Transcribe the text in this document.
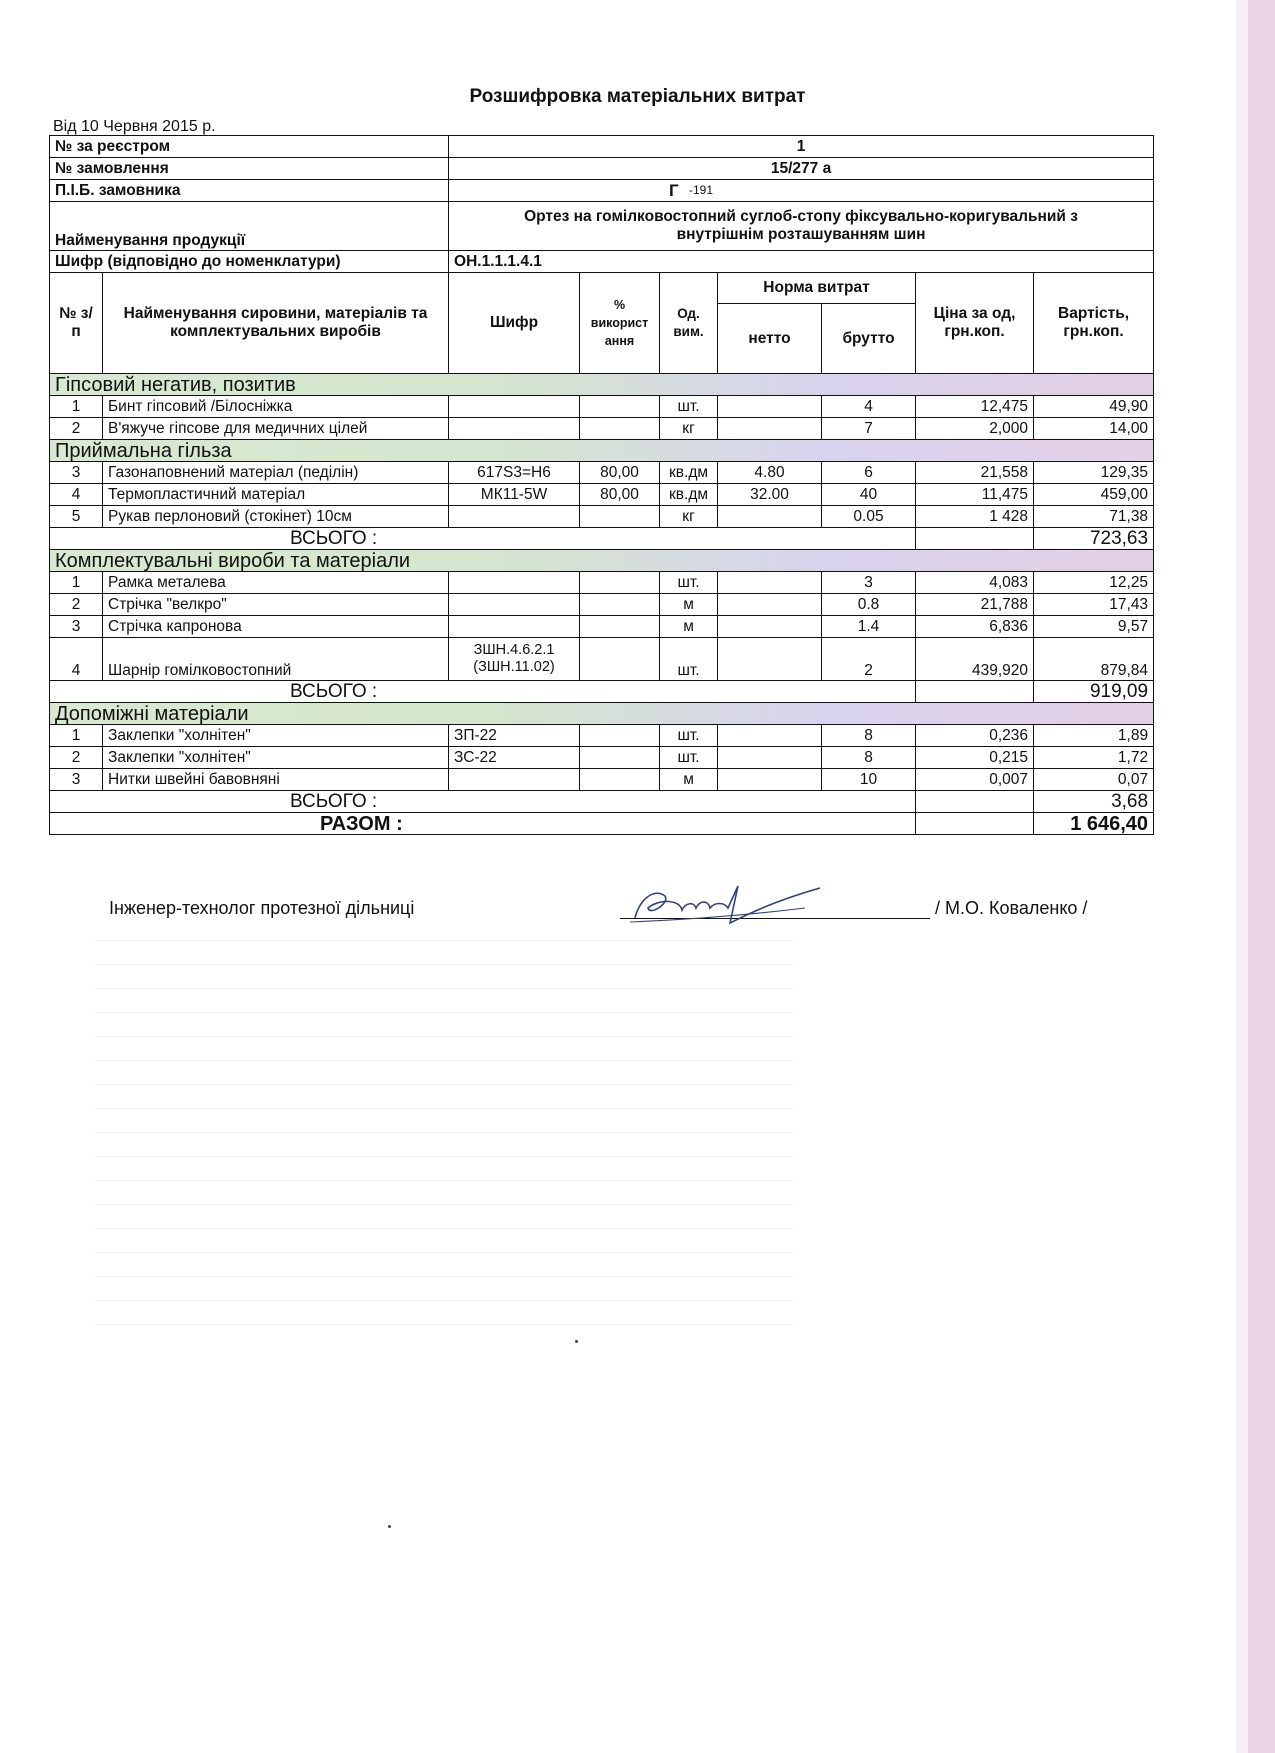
Розшифровка матеріальних витрат
Від 10 Червня 2015 р.
№ за реєстром		1						
№ замовлення		15/277 а						
П.І.Б. замовника		Г -191						
Найменування продукції		Ортез на гомілковостопний суглоб-стопу фіксувально-коригувальний з внутрішнім розташуванням шин						
Шифр (відповідно до номенклатури)		ОН.1.1.1.4.1						
№ з/п	Найменування сировини, матеріалів та комплектувальних виробів	Шифр	% використ ання	Од. вим.	Норма витрат		Ціна за од, грн.коп.	Вартість, грн.коп.
					нетто	брутто		
Гіпсовий негатив, позитив								
1	Бинт гіпсовий /Білосніжка			шт.		4	12,475	49,90
2	В'яжуче гіпсове для медичних цілей			кг		7	2,000	14,00
Приймальна гільза								
3	Газонаповнений матеріал (педілін)	617S3=H6	80,00	кв.дм	4.80	6	21,558	129,35
4	Термопластичний матеріал	МК11-5W	80,00	кв.дм	32.00	40	11,475	459,00
5	Рукав перлоновий (стокінет) 10см			кг		0.05	1 428	71,38
ВСЬОГО :								723,63
Комплектувальні вироби та матеріали								
1	Рамка металева			шт.		3	4,083	12,25
2	Стрічка "велкро"			м		0.8	21,788	17,43
3	Стрічка капронова			м		1.4	6,836	9,57
4	Шарнір гомілковостопний	ЗШН.4.6.2.1
(ЗШН.11.02)		шт.		2	439,920	879,84
ВСЬОГО :								919,09
Допоміжні матеріали								
1	Заклепки "холнітен"	ЗП-22		шт.		8	0,236	1,89
2	Заклепки "холнітен"	ЗС-22		шт.		8	0,215	1,72
3	Нитки швейні бавовняні			м		10	0,007	0,07
ВСЬОГО :								3,68
РАЗОМ :								1 646,40
Інженер-технолог протезної дільниці	/ М.О. Коваленко /
